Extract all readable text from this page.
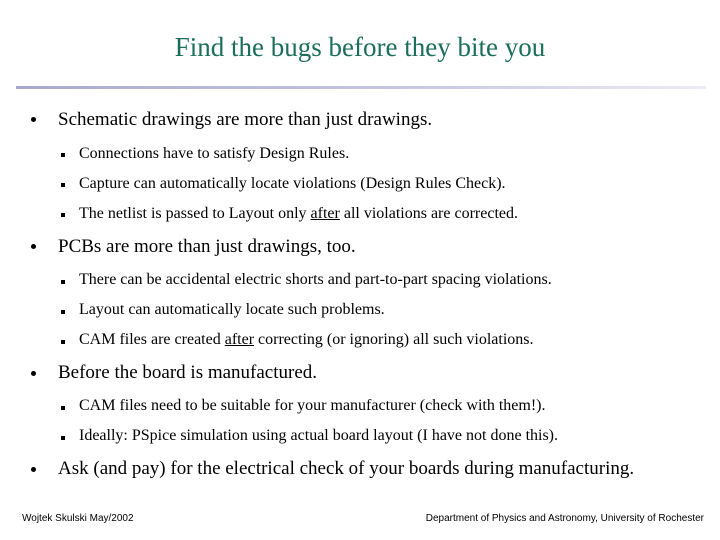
Find the bugs before they bite you
Schematic drawings are more than just drawings.
Connections have to satisfy Design Rules.
Capture can automatically locate violations (Design Rules Check).
The netlist is passed to Layout only after all violations are corrected.
PCBs are more than just drawings, too.
There can be accidental electric shorts and part-to-part spacing violations.
Layout can automatically locate such problems.
CAM files are created after correcting (or ignoring) all such violations.
Before the board is manufactured.
CAM files need to be suitable for your manufacturer (check with them!).
Ideally: PSpice simulation using actual board layout (I have not done this).
Ask (and pay) for the electrical check of your boards during manufacturing.
Wojtek Skulski May/2002	Department of Physics and Astronomy, University of Rochester
